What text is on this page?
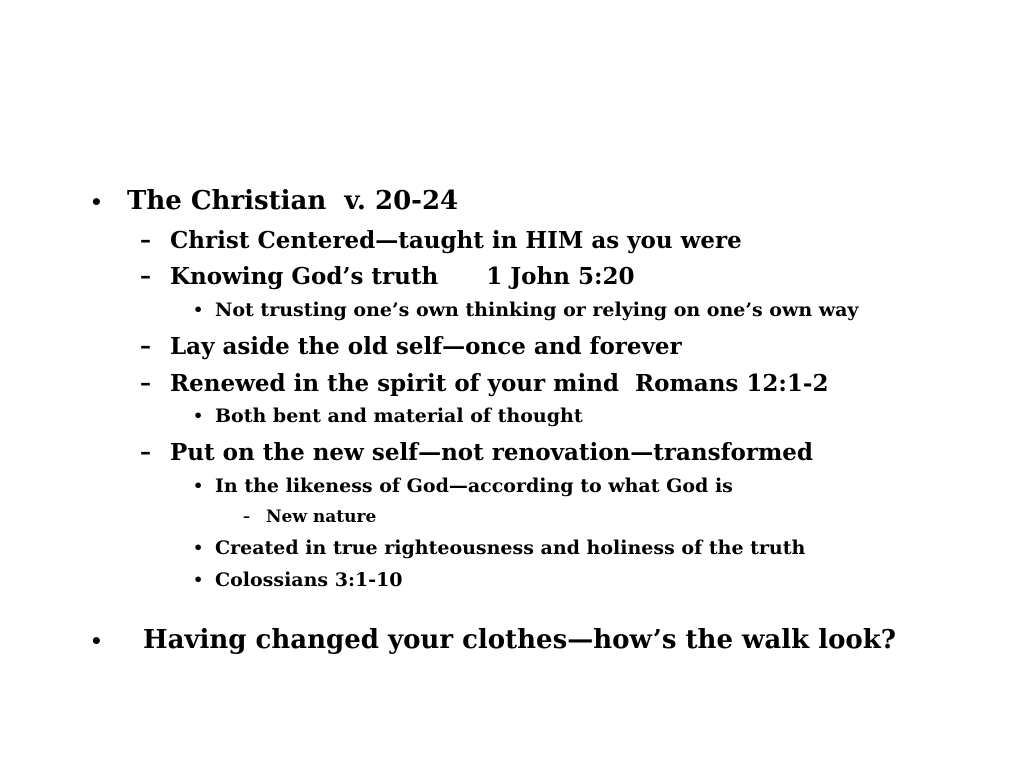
• The Christian  v. 20-24
– Christ Centered—taught in HIM as you were
– Knowing God’s truth      1 John 5:20
• Not trusting one’s own thinking or relying on one’s own way
– Lay aside the old self—once and forever
– Renewed in the spirit of your mind  Romans 12:1-2
• Both bent and material of thought
– Put on the new self—not renovation—transformed
• In the likeness of God—according to what God is
– New nature
• Created in true righteousness and holiness of the truth
• Colossians 3:1-10
• Having changed your clothes—how’s the walk look?
